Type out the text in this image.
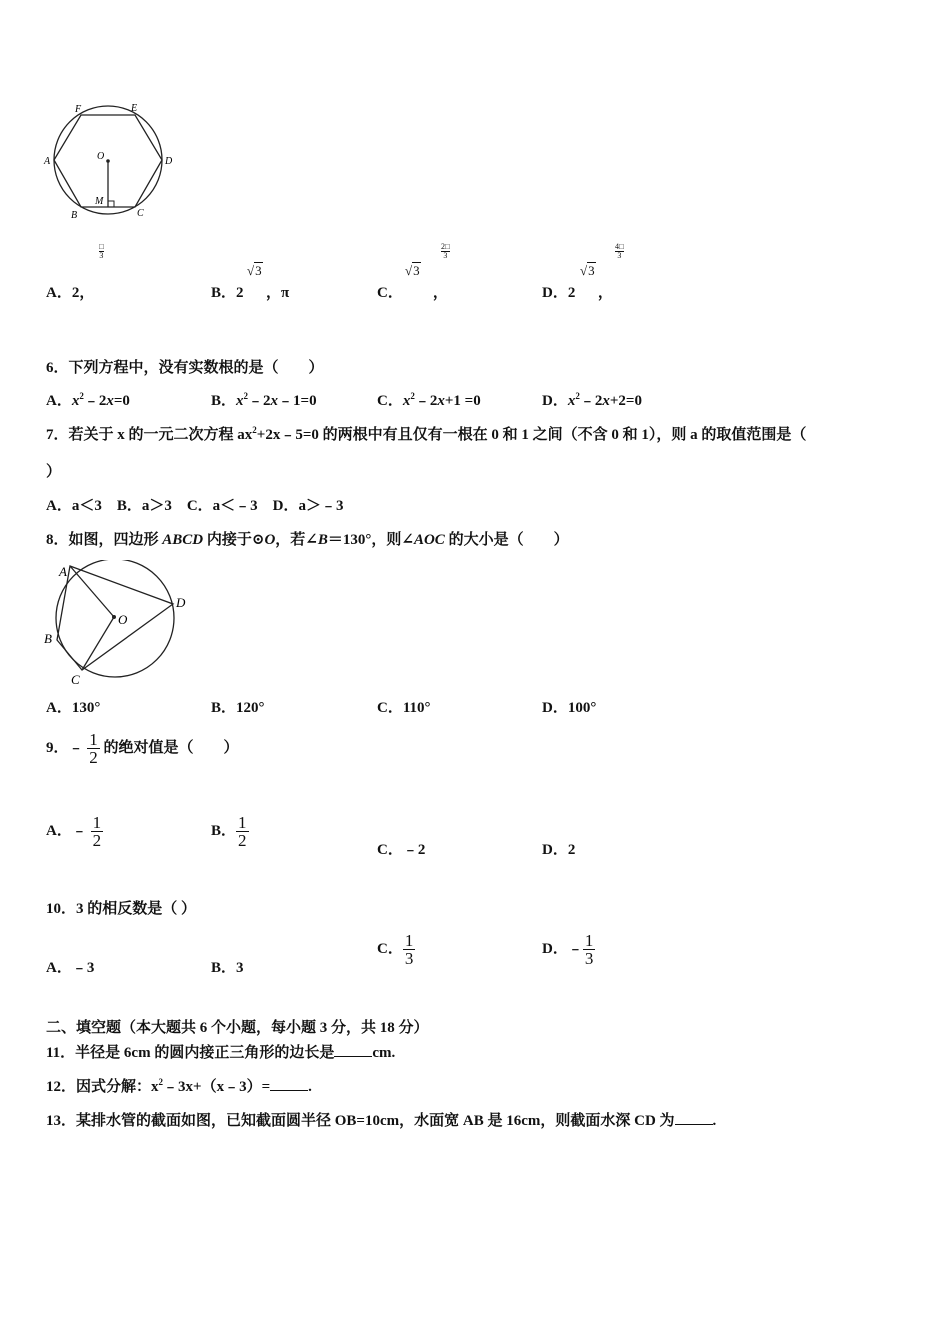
F	E
A	O	D
M
B	C
$\frac{□}{3}$
A．2，
√3
B．2 ，π
√3
$\frac{2□}{3}$
C． ，
√3
$\frac{4□}{3}$
D．2 ，
6．下列方程中，没有实数根的是（　　）
A．$x^2﹣2x=0$	B．$x^2﹣2x﹣1=0$	C．$x^2﹣2x+1 =0$	D．$x^2﹣2x+2=0$
7．若关于 x 的一元二次方程 $ax^2+2x﹣5=0$ 的两根中有且仅有一根在 0 和 1 之间（不含 0 和 1），则 a 的取值范围是（
）
A．a＜3　B．a＞3　C．a＜﹣3　D．a＞﹣3
8．如图，四边形 ABCD 内接于⊙O，若∠B＝130°，则∠AOC 的大小是（　　）
A
D
O
B
C
A．130°	B．120°	C．110°	D．100°
9．﹣ $\frac{1}{2}$ 的绝对值是（　　）
A．﹣ $\frac{1}{2}$	B． $\frac{1}{2}$
C．﹣2	D．2
10．3 的相反数是（ ）
A．﹣3	B．3
C． $\frac{1}{3}$	D．﹣ $\frac{1}{3}$
二、填空题（本大题共 6 个小题，每小题 3 分，共 18 分）
11．半径是 6cm 的圆内接正三角形的边长是	cm.
12．因式分解：$x^2﹣3x+(x﹣3)=$	.
13．某排水管的截面如图，已知截面圆半径 OB=10cm，水面宽 AB 是 16cm，则截面水深 CD 为	.
